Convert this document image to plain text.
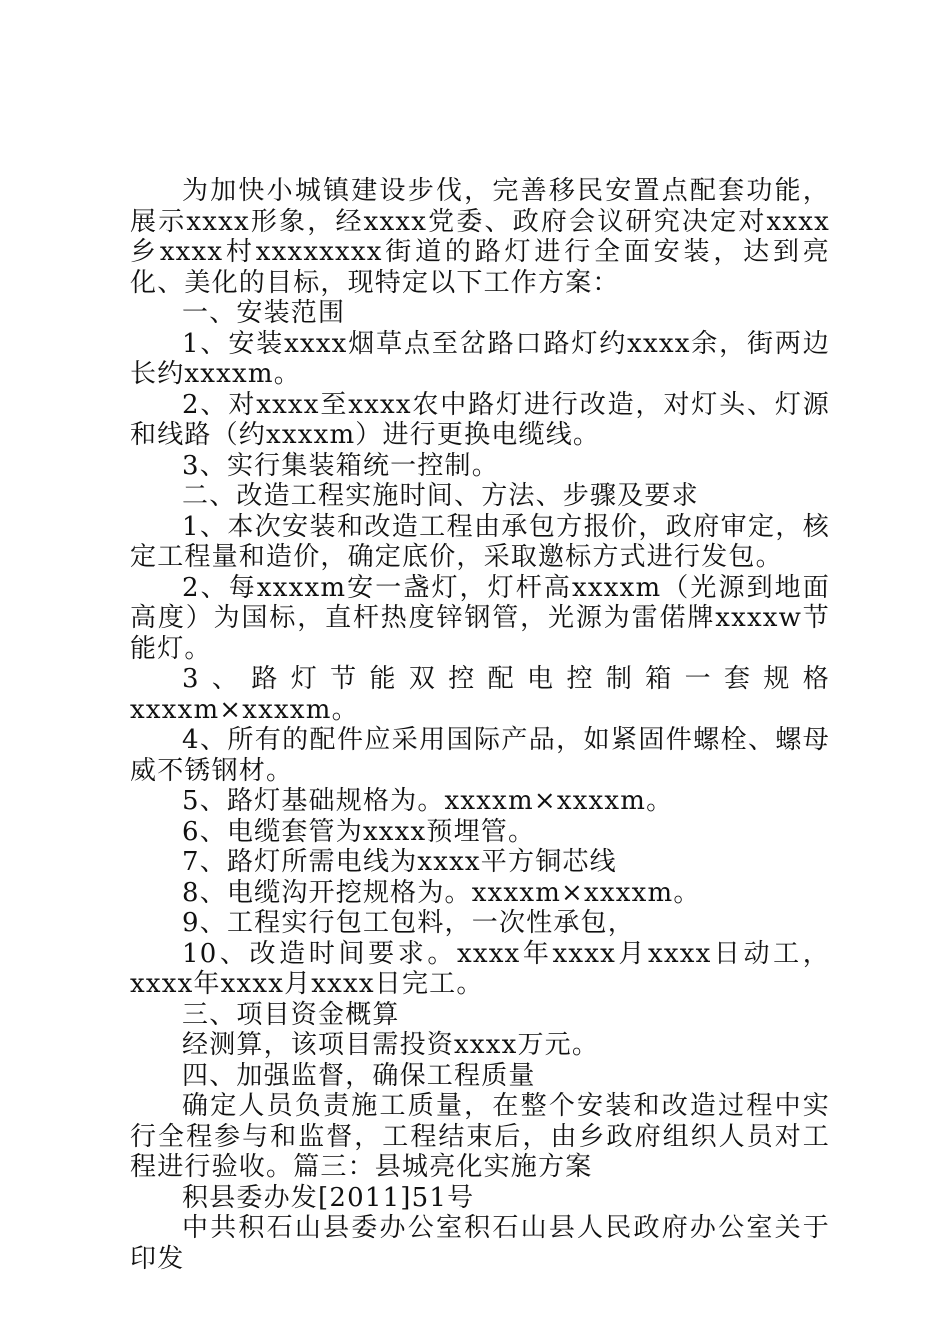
为加快小城镇建设步伐，完善移民安置点配套功能，展示xxxx形象，经xxxx党委、政府会议研究决定对xxxx乡xxxx村xxxxxxxx街道的路灯进行全面安装，达到亮化、美化的目标，现特定以下工作方案：

一、安装范围

1、安装xxxx烟草点至岔路口路灯约xxxx余，街两边长约xxxxm。

2、对xxxx至xxxx农中路灯进行改造，对灯头、灯源和线路（约xxxxm）进行更换电缆线。

3、实行集装箱统一控制。

二、改造工程实施时间、方法、步骤及要求

1、本次安装和改造工程由承包方报价，政府审定，核定工程量和造价，确定底价，采取邀标方式进行发包。

2、每xxxxm安一盏灯，灯杆高xxxxm（光源到地面高度）为国标，直杆热度锌钢管，光源为雷偌牌xxxxw节能灯。

3、路灯节能双控配电控制箱一套规格xxxxm×xxxxm。

4、所有的配件应采用国际产品，如紧固件螺栓、螺母威不锈钢材。

5、路灯基础规格为。xxxxm×xxxxm。

6、电缆套管为xxxx预埋管。

7、路灯所需电线为xxxx平方铜芯线

8、电缆沟开挖规格为。xxxxm×xxxxm。

9、工程实行包工包料，一次性承包，

10、改造时间要求。xxxx年xxxx月xxxx日动工，xxxx年xxxx月xxxx日完工。

三、项目资金概算

经测算，该项目需投资xxxx万元。

四、加强监督，确保工程质量

确定人员负责施工质量，在整个安装和改造过程中实行全程参与和监督，工程结束后，由乡政府组织人员对工程进行验收。篇三：县城亮化实施方案

积县委办发[2011]51号

中共积石山县委办公室积石山县人民政府办公室关于印发
